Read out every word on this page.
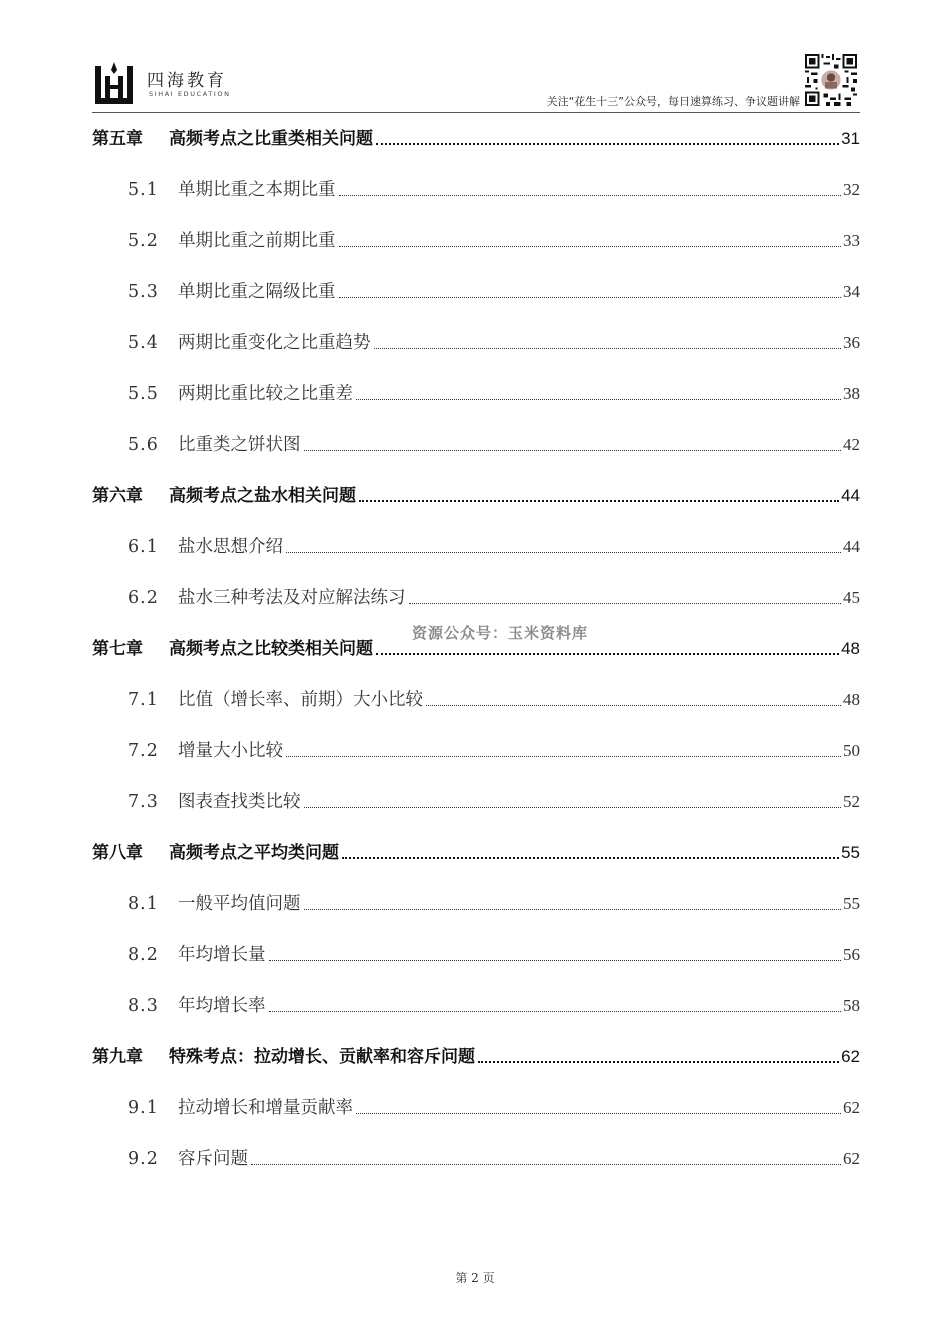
四海教育
SIHAI EDUCATION
关注“花生十三”公众号，每日速算练习、争议题讲解
第五章	高频考点之比重类相关问题	31
5.1	单期比重之本期比重	32
5.2	单期比重之前期比重	33
5.3	单期比重之隔级比重	34
5.4	两期比重变化之比重趋势	36
5.5	两期比重比较之比重差	38
5.6	比重类之饼状图	42
第六章	高频考点之盐水相关问题	44
6.1	盐水思想介绍	44
6.2	盐水三种考法及对应解法练习	45
第七章	高频考点之比较类相关问题	48
7.1	比值（增长率、前期）大小比较	48
7.2	增量大小比较	50
7.3	图表查找类比较	52
第八章	高频考点之平均类问题	55
8.1	一般平均值问题	55
8.2	年均增长量	56
8.3	年均增长率	58
第九章	特殊考点：拉动增长、贡献率和容斥问题	62
9.1	拉动增长和增量贡献率	62
9.2	容斥问题	62
资源公众号：玉米资料库
第 2 页
